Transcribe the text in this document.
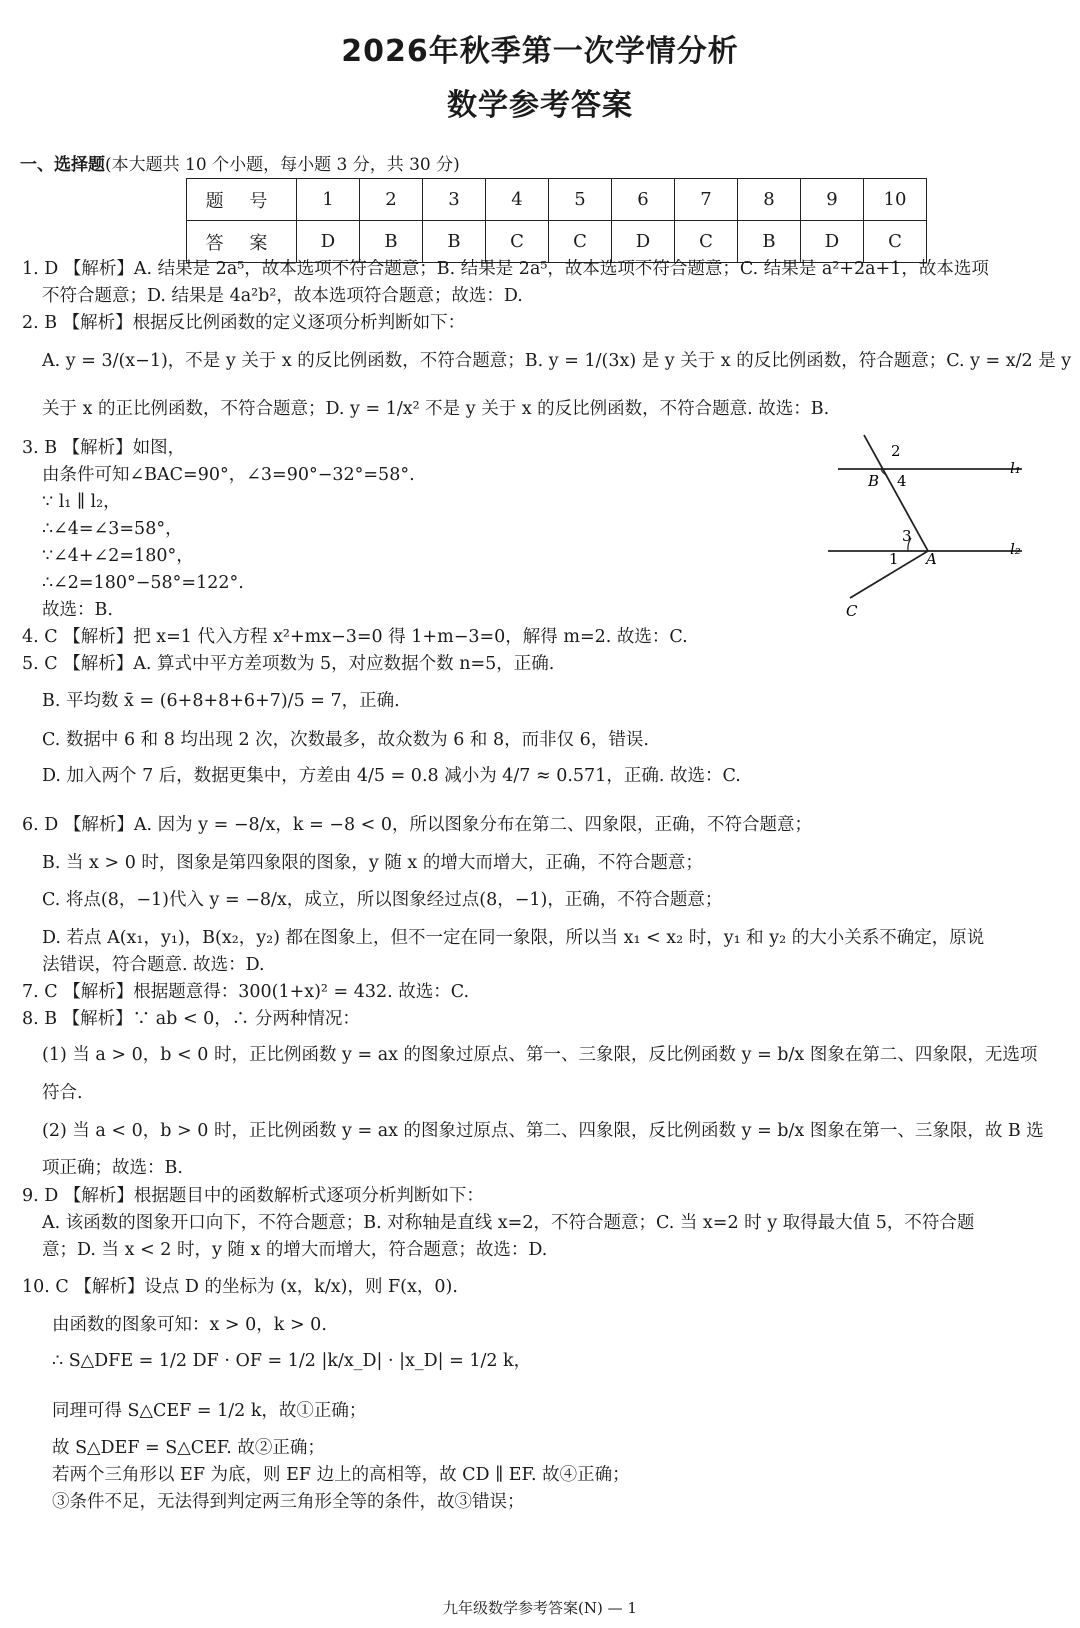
2026年秋季第一次学情分析
数学参考答案
一、选择题(本大题共 10 个小题，每小题 3 分，共 30 分)
题 号	1	2	3	4	5	6	7	8	9	10
答 案	D	B	B	C	C	D	C	B	D	C
1. D 【解析】A. 结果是 2a⁵，故本选项不符合题意；B. 结果是 2a⁵，故本选项不符合题意；C. 结果是 a²+2a+1，故本选项
不符合题意；D. 结果是 4a²b²，故本选项符合题意；故选：D.
2. B 【解析】根据反比例函数的定义逐项分析判断如下：
A. y = 3/(x−1)，不是 y 关于 x 的反比例函数，不符合题意；B. y = 1/(3x) 是 y 关于 x 的反比例函数，符合题意；C. y = x/2 是 y
关于 x 的正比例函数，不符合题意；D. y = 1/x² 不是 y 关于 x 的反比例函数，不符合题意. 故选：B.
3. B 【解析】如图，
由条件可知∠BAC=90°，∠3=90°−32°=58°.
∵ l₁ ∥ l₂，
∴∠4=∠3=58°，
∵∠4+∠2=180°，
∴∠2=180°−58°=122°.
故选：B.
4. C 【解析】把 x=1 代入方程 x²+mx−3=0 得 1+m−3=0，解得 m=2. 故选：C.
5. C 【解析】A. 算式中平方差项数为 5，对应数据个数 n=5，正确.
B. 平均数 x̄ = (6+8+8+6+7)/5 = 7，正确.
C. 数据中 6 和 8 均出现 2 次，次数最多，故众数为 6 和 8，而非仅 6，错误.
D. 加入两个 7 后，数据更集中，方差由 4/5 = 0.8 减小为 4/7 ≈ 0.571，正确. 故选：C.
6. D 【解析】A. 因为 y = −8/x，k = −8 < 0，所以图象分布在第二、四象限，正确，不符合题意；
B. 当 x > 0 时，图象是第四象限的图象，y 随 x 的增大而增大，正确，不符合题意；
C. 将点(8，−1)代入 y = −8/x，成立，所以图象经过点(8，−1)，正确，不符合题意；
D. 若点 A(x₁，y₁)，B(x₂，y₂) 都在图象上，但不一定在同一象限，所以当 x₁ < x₂ 时，y₁ 和 y₂ 的大小关系不确定，原说
法错误，符合题意. 故选：D.
7. C 【解析】根据题意得：300(1+x)² = 432. 故选：C.
8. B 【解析】∵ ab < 0，∴ 分两种情况：
(1) 当 a > 0，b < 0 时，正比例函数 y = ax 的图象过原点、第一、三象限，反比例函数 y = b/x 图象在第二、四象限，无选项
符合.
(2) 当 a < 0，b > 0 时，正比例函数 y = ax 的图象过原点、第二、四象限，反比例函数 y = b/x 图象在第一、三象限，故 B 选
项正确；故选：B.
9. D 【解析】根据题目中的函数解析式逐项分析判断如下：
A. 该函数的图象开口向下，不符合题意；B. 对称轴是直线 x=2，不符合题意；C. 当 x=2 时 y 取得最大值 5，不符合题
意；D. 当 x < 2 时，y 随 x 的增大而增大，符合题意；故选：D.
10. C 【解析】设点 D 的坐标为 (x，k/x)，则 F(x，0).
由函数的图象可知：x > 0，k > 0.
∴ S△DFE = 1/2 DF · OF = 1/2 |k/x_D| · |x_D| = 1/2 k，
同理可得 S△CEF = 1/2 k，故①正确；
故 S△DEF = S△CEF. 故②正确；
若两个三角形以 EF 为底，则 EF 边上的高相等，故 CD ∥ EF. 故④正确；
③条件不足，无法得到判定两三角形全等的条件，故③错误；
2
B 4
l₁
3
1 A
l₂
C
九年级数学参考答案(N) — 1
